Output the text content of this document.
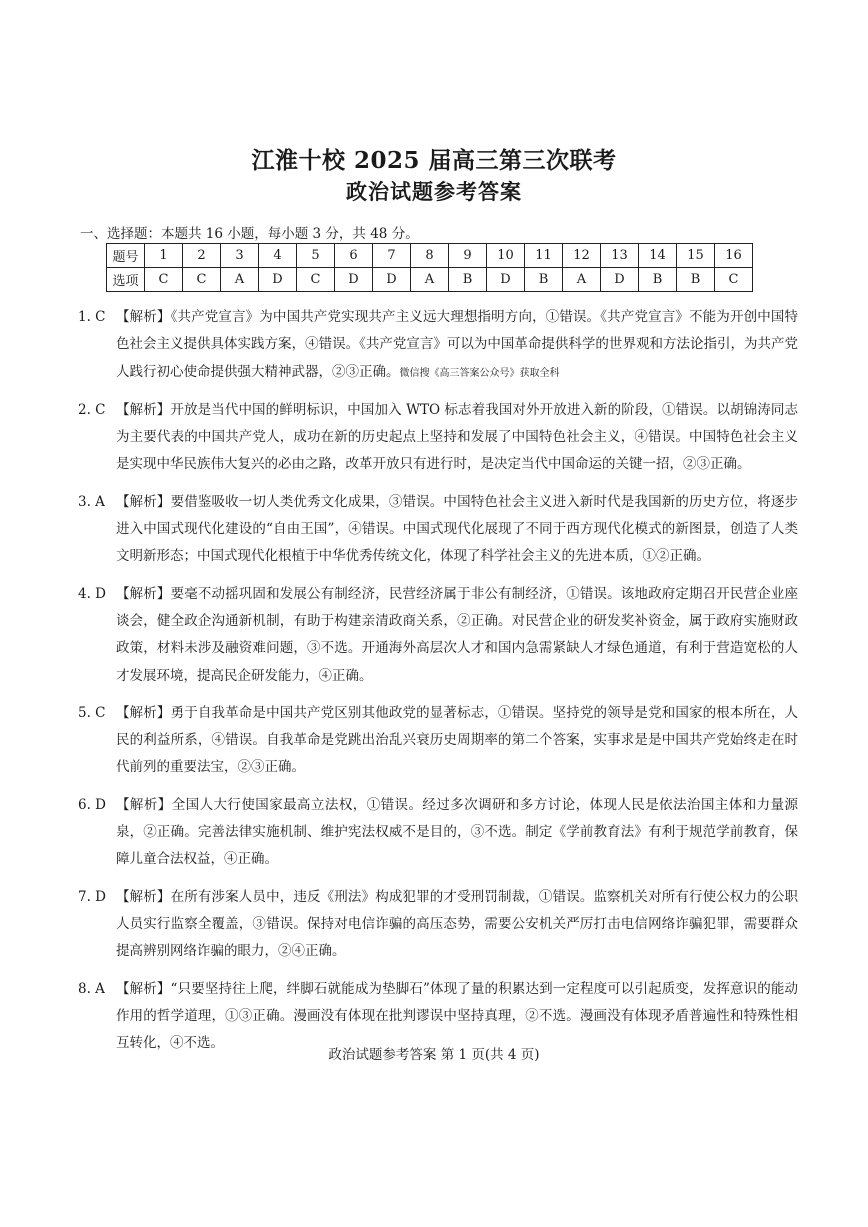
江淮十校 2025 届高三第三次联考
政治试题参考答案
一、选择题：本题共 16 小题，每小题 3 分，共 48 分。
题号	1	2	3	4	5	6	7	8	9	10	11	12	13	14	15	16
选项	C	C	A	D	C	D	D	A	B	D	B	A	D	B	B	C
1. C 【解析】《共产党宣言》为中国共产党实现共产主义远大理想指明方向，①错误。《共产党宣言》不能为开创中国特色社会主义提供具体实践方案，④错误。《共产党宣言》可以为中国革命提供科学的世界观和方法论指引，为共产党人践行初心使命提供强大精神武器，②③正确。微信搜《高三答案公众号》获取全科
2. C 【解析】开放是当代中国的鲜明标识，中国加入 WTO 标志着我国对外开放进入新的阶段，①错误。以胡锦涛同志为主要代表的中国共产党人，成功在新的历史起点上坚持和发展了中国特色社会主义，④错误。中国特色社会主义是实现中华民族伟大复兴的必由之路，改革开放只有进行时，是决定当代中国命运的关键一招，②③正确。
3. A 【解析】要借鉴吸收一切人类优秀文化成果，③错误。中国特色社会主义进入新时代是我国新的历史方位，将逐步进入中国式现代化建设的“自由王国”，④错误。中国式现代化展现了不同于西方现代化模式的新图景，创造了人类文明新形态；中国式现代化根植于中华优秀传统文化，体现了科学社会主义的先进本质，①②正确。
4. D 【解析】要毫不动摇巩固和发展公有制经济，民营经济属于非公有制经济，①错误。该地政府定期召开民营企业座谈会，健全政企沟通新机制，有助于构建亲清政商关系，②正确。对民营企业的研发奖补资金，属于政府实施财政政策，材料未涉及融资难问题，③不选。开通海外高层次人才和国内急需紧缺人才绿色通道，有利于营造宽松的人才发展环境，提高民企研发能力，④正确。
5. C 【解析】勇于自我革命是中国共产党区别其他政党的显著标志，①错误。坚持党的领导是党和国家的根本所在，人民的利益所系，④错误。自我革命是党跳出治乱兴衰历史周期率的第二个答案，实事求是是中国共产党始终走在时代前列的重要法宝，②③正确。
6. D 【解析】全国人大行使国家最高立法权，①错误。经过多次调研和多方讨论，体现人民是依法治国主体和力量源泉，②正确。完善法律实施机制、维护宪法权威不是目的，③不选。制定《学前教育法》有利于规范学前教育，保障儿童合法权益，④正确。
7. D 【解析】在所有涉案人员中，违反《刑法》构成犯罪的才受刑罚制裁，①错误。监察机关对所有行使公权力的公职人员实行监察全覆盖，③错误。保持对电信诈骗的高压态势，需要公安机关严厉打击电信网络诈骗犯罪，需要群众提高辨别网络诈骗的眼力，②④正确。
8. A 【解析】“只要坚持往上爬，绊脚石就能成为垫脚石”体现了量的积累达到一定程度可以引起质变，发挥意识的能动作用的哲学道理，①③正确。漫画没有体现在批判谬误中坚持真理，②不选。漫画没有体现矛盾普遍性和特殊性相互转化，④不选。
政治试题参考答案 第 1 页(共 4 页)
